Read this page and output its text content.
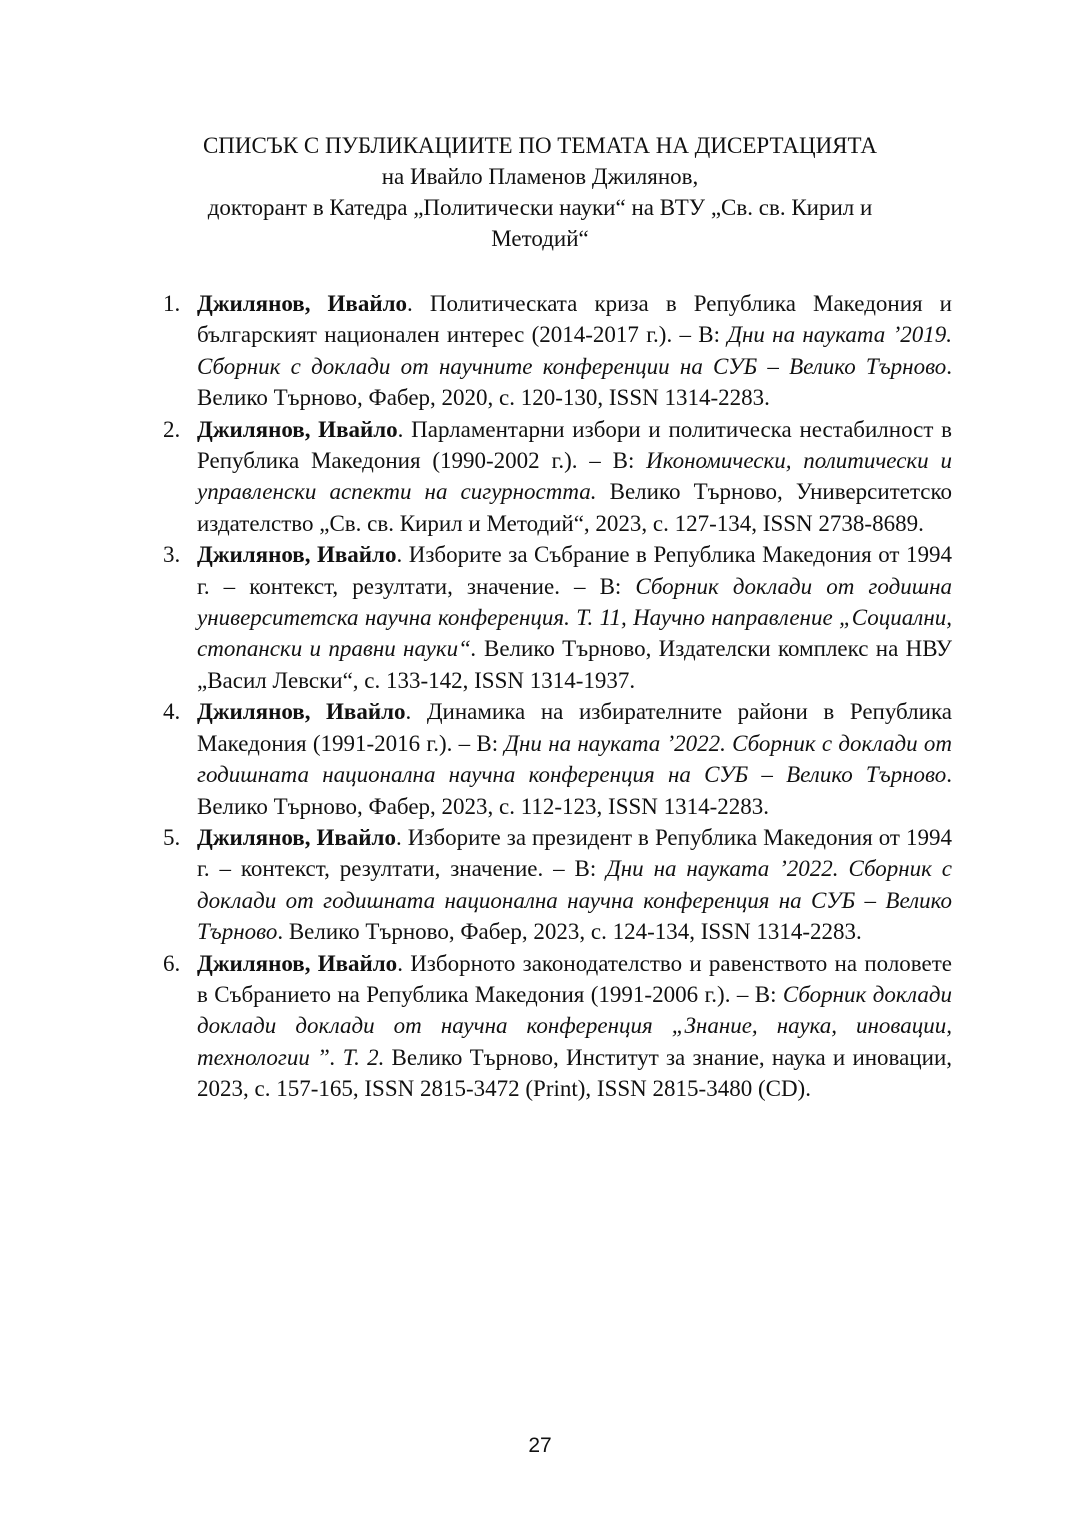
СПИСЪК С ПУБЛИКАЦИИТЕ ПО ТЕМАТА НА ДИСЕРТАЦИЯТА
на Ивайло Пламенов Джилянов,
докторант в Катедра „Политически науки“ на ВТУ „Св. св. Кирил и
Методий“
1. Джилянов, Ивайло. Политическата криза в Република Македония и българският национален интерес (2014-2017 г.). – В: Дни на науката ’2019. Сборник с доклади от научните конференции на СУБ – Велико Търново. Велико Търново, Фабер, 2020, с. 120-130, ISSN 1314-2283.
2. Джилянов, Ивайло. Парламентарни избори и политическа нестабилност в Република Македония (1990-2002 г.). – В: Икономически, политически и управленски аспекти на сигурността. Велико Търново, Университетско издателство „Св. св. Кирил и Методий“, 2023, с. 127-134, ISSN 2738-8689.
3. Джилянов, Ивайло. Изборите за Събрание в Република Македония от 1994 г. – контекст, резултати, значение. – В: Сборник доклади от годишна университетска научна конференция. Т. 11, Научно направление „Социални, стопански и правни науки“. Велико Търново, Издателски комплекс на НВУ „Васил Левски“, с. 133-142, ISSN 1314-1937.
4. Джилянов, Ивайло. Динамика на избирателните райони в Република Македония (1991-2016 г.). – В: Дни на науката ’2022. Сборник с доклади от годишната национална научна конференция на СУБ – Велико Търново. Велико Търново, Фабер, 2023, с. 112-123, ISSN 1314-2283.
5. Джилянов, Ивайло. Изборите за президент в Република Македония от 1994 г. – контекст, резултати, значение. – В: Дни на науката ’2022. Сборник с доклади от годишната национална научна конференция на СУБ – Велико Търново. Велико Търново, Фабер, 2023, с. 124-134, ISSN 1314-2283.
6. Джилянов, Ивайло. Изборното законодателство и равенството на половете в Събранието на Република Македония (1991-2006 г.). – В: Сборник доклади доклади доклади от научна конференция „Знание, наука, иновации, технологии ”. Т. 2. Велико Търново, Институт за знание, наука и иновации, 2023, с. 157-165, ISSN 2815-3472 (Print), ISSN 2815-3480 (CD).
27
